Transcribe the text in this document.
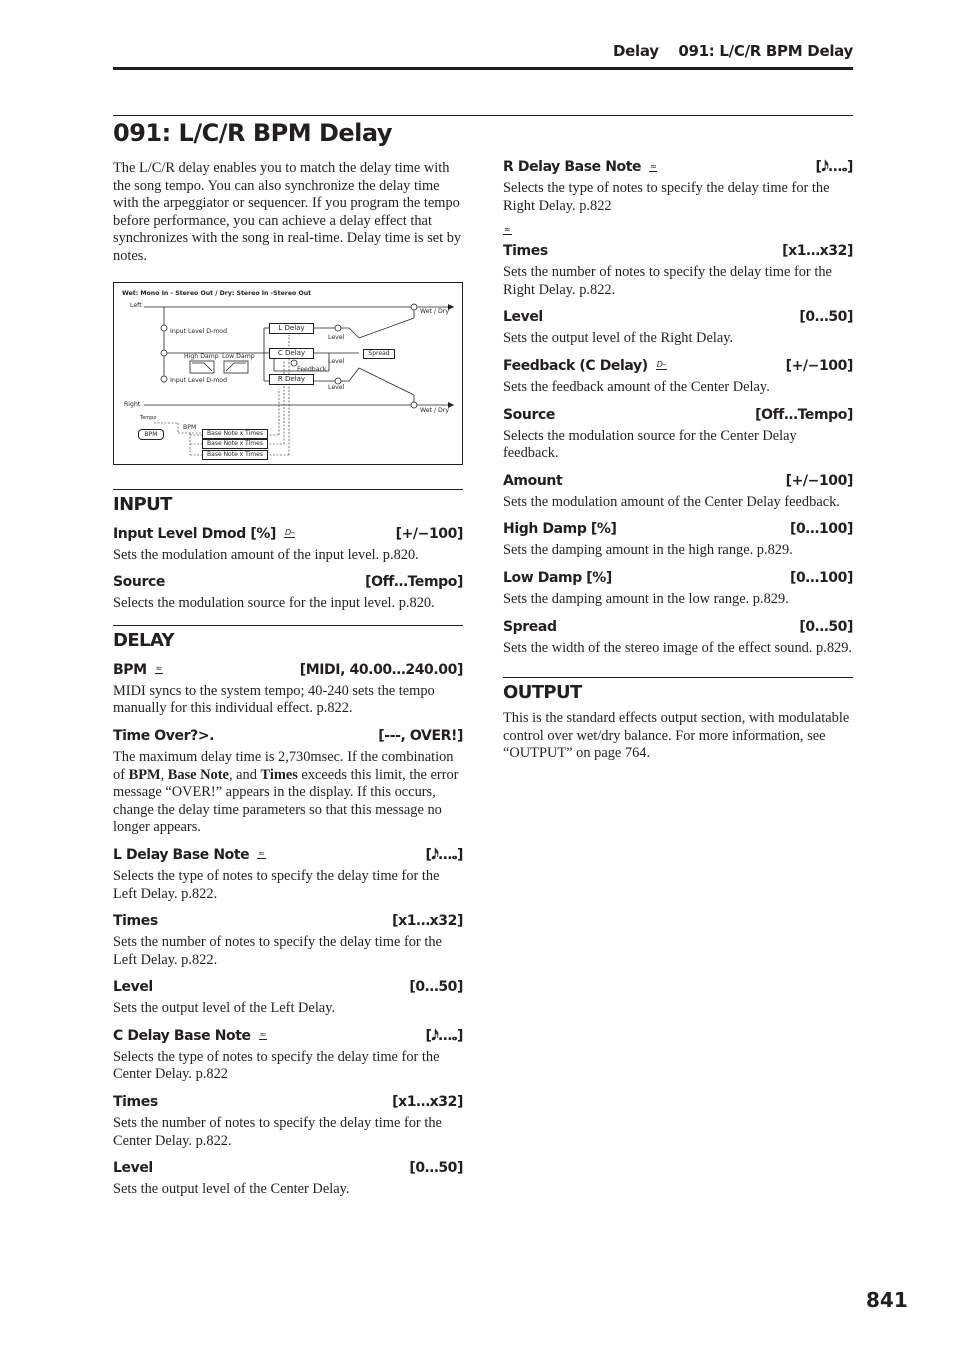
Delay 091: L/C/R BPM Delay
091: L/C/R BPM Delay

The L/C/R delay enables you to match the delay time with the song tempo. You can also synchronize the delay time with the arpeggiator or sequencer. If you program the tempo before performance, you can achieve a delay effect that synchronizes with the song in real-time. Delay time is set by notes.

Wet: Mono In - Stereo Out / Dry: Stereo In -Stereo Out
Left
Right
Input Level D-mod
Input Level D-mod
High Damp Low Damp
L Delay
C Delay
R Delay
Level
Level
Level
Feedback
Spread
Wet / Dry
Wet / Dry
Tempo
BPM
BPM
Base Note x Times
Base Note x Times
Base Note x Times
INPUT
Input Level Dmod [%] D–	[+/−100]

Sets the modulation amount of the input level. p.820.

Source	[Off…Tempo]

Selects the modulation source for the input level. p.820.

DELAY
BPM ≈	[MIDI, 40.00…240.00]

MIDI syncs to the system tempo; 40-240 sets the tempo manually for this individual effect. p.822.

Time Over?>.	[---, OVER!]

The maximum delay time is 2,730msec. If the combination of BPM, Base Note, and Times exceeds this limit, the error message “OVER!” appears in the display. If this occurs, change the delay time parameters so that this message no longer appears.

L Delay Base Note ≈	[𝅘𝅥𝅯…𝅝]

Selects the type of notes to specify the delay time for the Left Delay. p.822.

Times	[x1…x32]

Sets the number of notes to specify the delay time for the Left Delay. p.822.

Level	[0…50]

Sets the output level of the Left Delay.

C Delay Base Note ≈	[𝅘𝅥𝅯…𝅝]

Selects the type of notes to specify the delay time for the Center Delay. p.822

Times	[x1…x32]

Sets the number of notes to specify the delay time for the Center Delay. p.822.

Level	[0…50]

Sets the output level of the Center Delay.

R Delay Base Note ≈	[𝅘𝅥𝅯…𝅝]

Selects the type of notes to specify the delay time for the Right Delay. p.822

≈
Times	[x1…x32]

Sets the number of notes to specify the delay time for the Right Delay. p.822.

Level	[0…50]

Sets the output level of the Right Delay.

Feedback (C Delay) D–	[+/−100]

Sets the feedback amount of the Center Delay.

Source	[Off…Tempo]

Selects the modulation source for the Center Delay feedback.

Amount	[+/−100]

Sets the modulation amount of the Center Delay feedback.

High Damp [%]	[0…100]

Sets the damping amount in the high range. p.829.

Low Damp [%]	[0…100]

Sets the damping amount in the low range. p.829.

Spread	[0…50]

Sets the width of the stereo image of the effect sound. p.829.

OUTPUT

This is the standard effects output section, with modulatable control over wet/dry balance. For more information, see “OUTPUT” on page 764.

841
